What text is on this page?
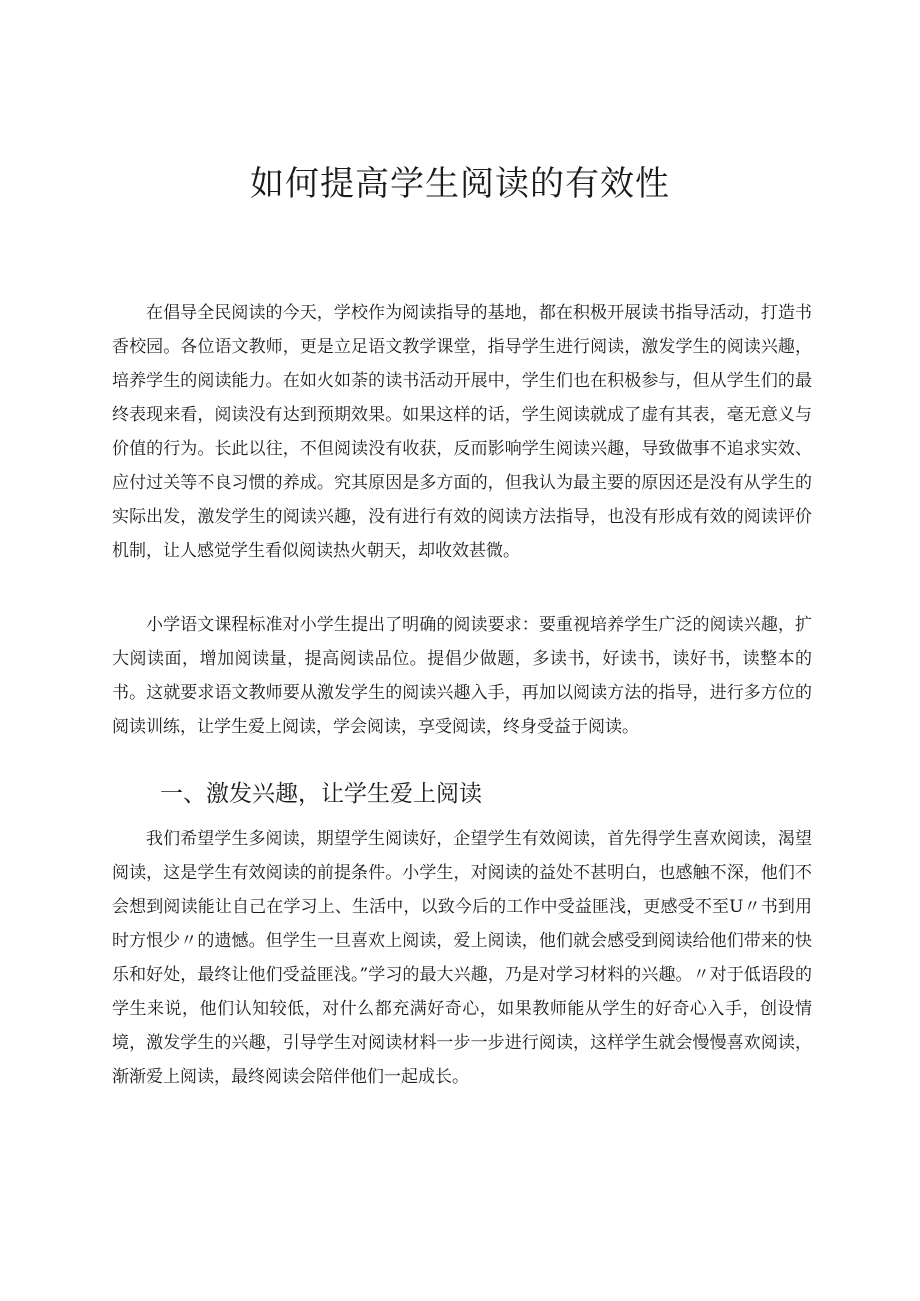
如何提高学生阅读的有效性

在倡导全民阅读的今天，学校作为阅读指导的基地，都在积极开展读书指导活动，打造书香校园。各位语文教师，更是立足语文教学课堂，指导学生进行阅读，激发学生的阅读兴趣，培养学生的阅读能力。在如火如荼的读书活动开展中，学生们也在积极参与，但从学生们的最终表现来看，阅读没有达到预期效果。如果这样的话，学生阅读就成了虚有其表，毫无意义与价值的行为。长此以往，不但阅读没有收获，反而影响学生阅读兴趣，导致做事不追求实效、应付过关等不良习惯的养成。究其原因是多方面的，但我认为最主要的原因还是没有从学生的实际出发，激发学生的阅读兴趣，没有进行有效的阅读方法指导，也没有形成有效的阅读评价机制，让人感觉学生看似阅读热火朝天，却收效甚微。

小学语文课程标准对小学生提出了明确的阅读要求：要重视培养学生广泛的阅读兴趣，扩大阅读面，增加阅读量，提高阅读品位。提倡少做题，多读书，好读书，读好书，读整本的书。这就要求语文教师要从激发学生的阅读兴趣入手，再加以阅读方法的指导，进行多方位的阅读训练，让学生爱上阅读，学会阅读，享受阅读，终身受益于阅读。

一、激发兴趣，让学生爱上阅读

我们希望学生多阅读，期望学生阅读好，企望学生有效阅读，首先得学生喜欢阅读，渴望阅读，这是学生有效阅读的前提条件。小学生，对阅读的益处不甚明白，也感触不深，他们不会想到阅读能让自己在学习上、生活中，以致今后的工作中受益匪浅，更感受不至U〃书到用时方恨少〃的遗憾。但学生一旦喜欢上阅读，爱上阅读，他们就会感受到阅读给他们带来的快乐和好处，最终让他们受益匪浅。”学习的最大兴趣，乃是对学习材料的兴趣。〃对于低语段的学生来说，他们认知较低，对什么都充满好奇心，如果教师能从学生的好奇心入手，创设情境，激发学生的兴趣，引导学生对阅读材料一步一步进行阅读，这样学生就会慢慢喜欢阅读，渐渐爱上阅读，最终阅读会陪伴他们一起成长。
